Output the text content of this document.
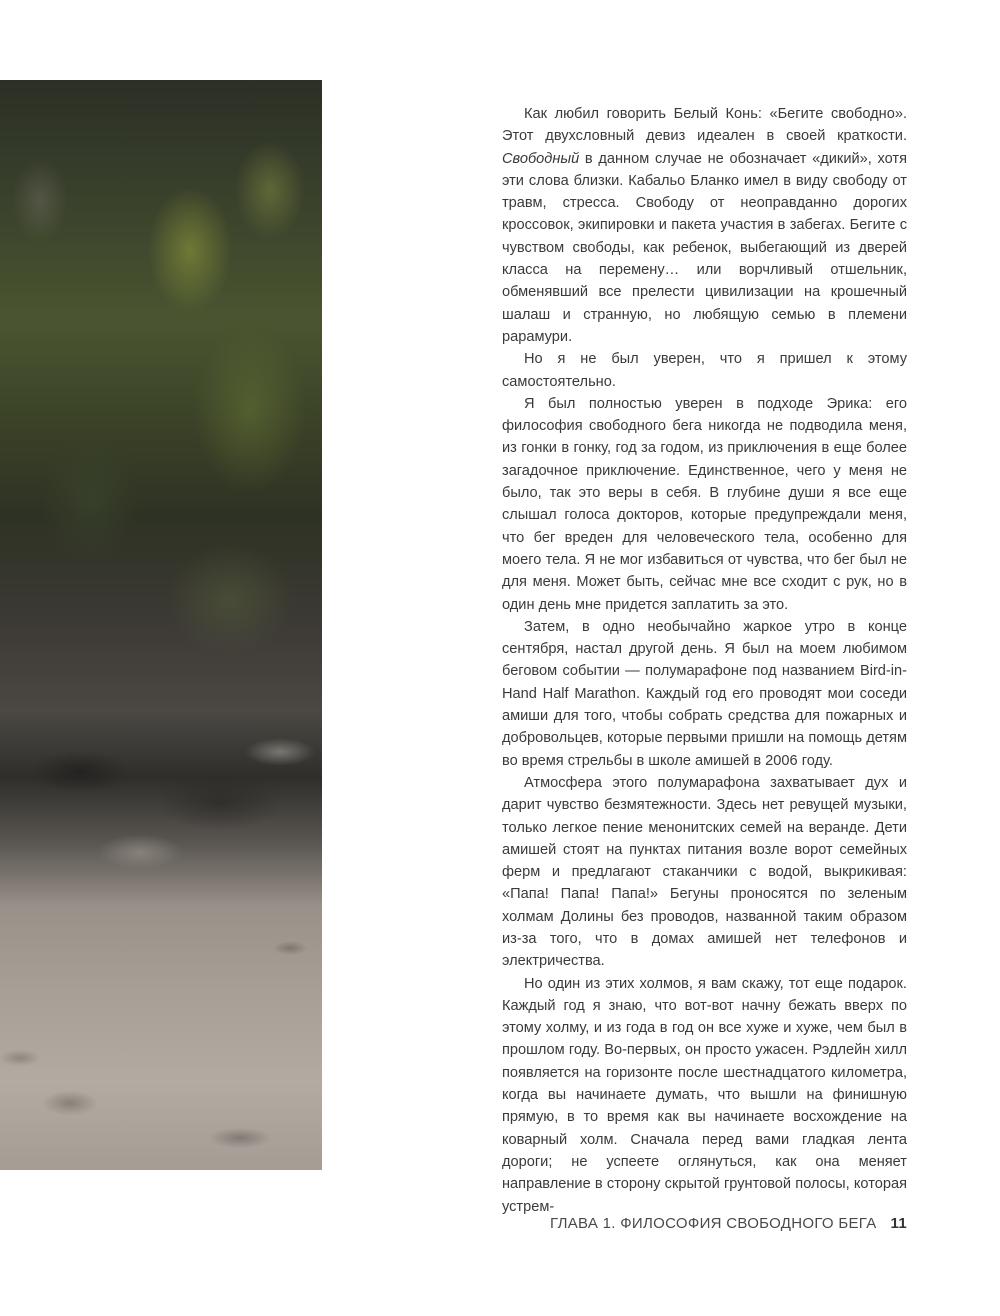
Как любил говорить Белый Конь: «Бегите свободно». Этот двухсловный девиз идеален в своей краткости. Свободный в данном случае не обозначает «дикий», хотя эти слова близки. Кабальо Бланко имел в виду свободу от травм, стресса. Свободу от неоправданно дорогих кроссовок, экипировки и пакета участия в забегах. Бегите с чувством свободы, как ребенок, выбегающий из дверей класса на перемену… или ворчливый отшельник, обменявший все прелести цивилизации на крошечный шалаш и странную, но любящую семью в племени рарамури.

Но я не был уверен, что я пришел к этому самостоятельно.

Я был полностью уверен в подходе Эрика: его философия свободного бега никогда не подводила меня, из гонки в гонку, год за годом, из приключения в еще более загадочное приключение. Единственное, чего у меня не было, так это веры в себя. В глубине души я все еще слышал голоса докторов, которые предупреждали меня, что бег вреден для человеческого тела, особенно для моего тела. Я не мог избавиться от чувства, что бег был не для меня. Может быть, сейчас мне все сходит с рук, но в один день мне придется заплатить за это.

Затем, в одно необычайно жаркое утро в конце сентября, настал другой день. Я был на моем любимом беговом событии — полумарафоне под названием Bird-in-Hand Half Marathon. Каждый год его проводят мои соседи амиши для того, чтобы собрать средства для пожарных и добровольцев, которые первыми пришли на помощь детям во время стрельбы в школе амишей в 2006 году.

Атмосфера этого полумарафона захватывает дух и дарит чувство безмятежности. Здесь нет ревущей музыки, только легкое пение менонитских семей на веранде. Дети амишей стоят на пунктах питания возле ворот семейных ферм и предлагают стаканчики с водой, выкрикивая: «Папа! Папа! Папа!» Бегуны проносятся по зеленым холмам Долины без проводов, названной таким образом из-за того, что в домах амишей нет телефонов и электричества.

Но один из этих холмов, я вам скажу, тот еще подарок. Каждый год я знаю, что вот-вот начну бежать вверх по этому холму, и из года в год он все хуже и хуже, чем был в прошлом году. Во-первых, он просто ужасен. Рэдлейн хилл появляется на горизонте после шестнадцатого километра, когда вы начинаете думать, что вышли на финишную прямую, в то время как вы начинаете восхождение на коварный холм. Сначала перед вами гладкая лента дороги; не успеете оглянуться, как она меняет направление в сторону скрытой грунтовой полосы, которая устрем-

ГЛАВА 1. ФИЛОСОФИЯ СВОБОДНОГО БЕГА 11
